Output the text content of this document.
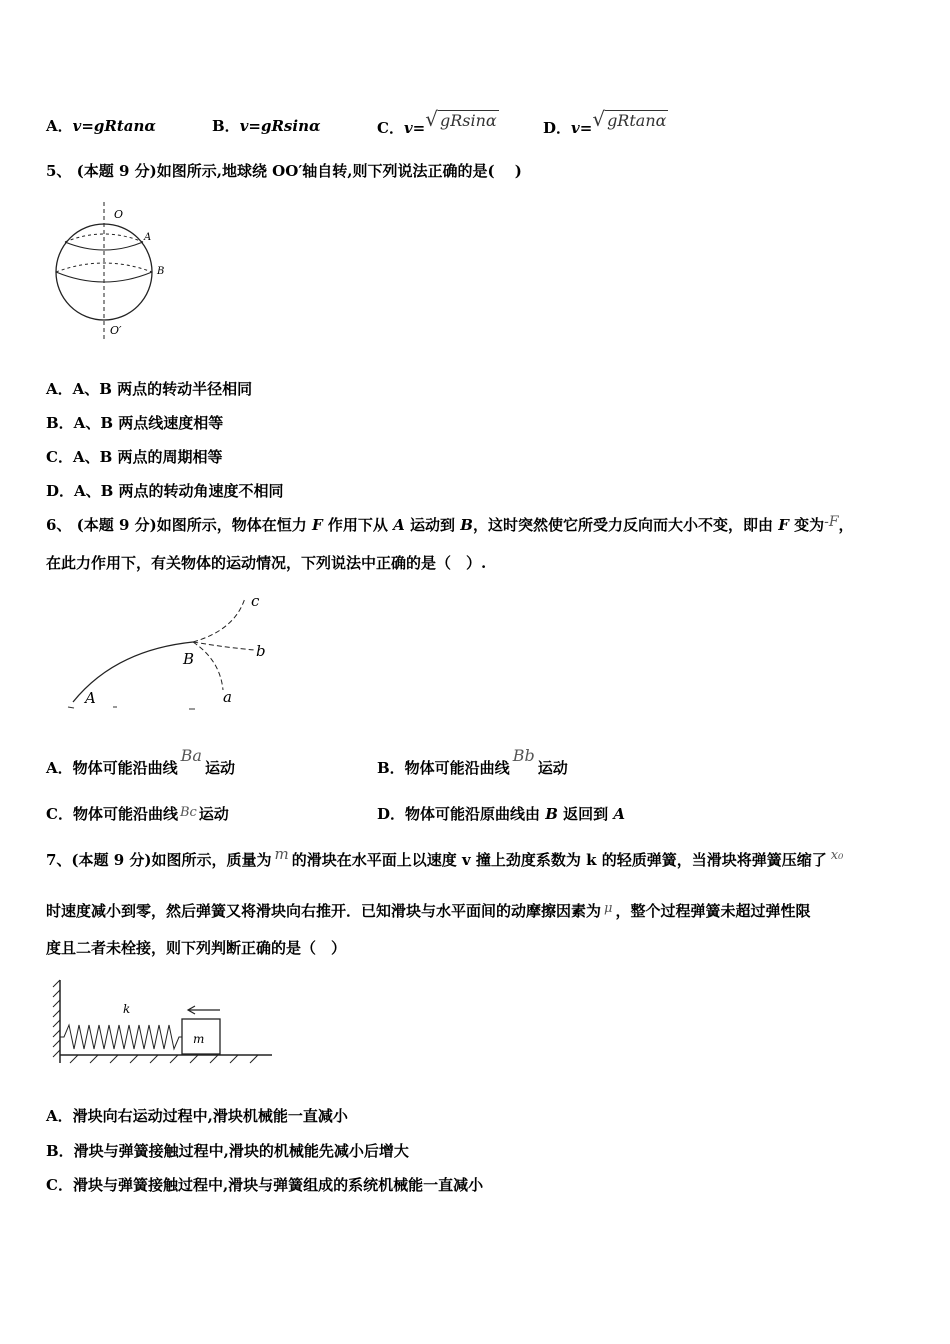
A．v=gRtanα	B．v=gRsinα	C．v=√ gRsinα	D．v=√ gRtanα
5、 (本题 9 分)如图所示,地球绕 OO′轴自转,则下列说法正确的是(　 )
O
A
B
O′
A．A、B 两点的转动半径相同
B．A、B 两点线速度相等
C．A、B 两点的周期相等
D．A、B 两点的转动角速度不相同
6、 (本题 9 分)如图所示，物体在恒力 F 作用下从 A 运动到 B，这时突然使它所受力反向而大小不变，即由 F 变为-F，
在此力作用下，有关物体的运动情况，下列说法中正确的是（　）.
A
B
a
b
c
A．物体可能沿曲线Ba运动	B．物体可能沿曲线Bb运动
C．物体可能沿曲线 Bc 运动	D．物体可能沿原曲线由 B 返回到 A
7、(本题 9 分)如图所示，质量为 m 的滑块在水平面上以速度 v 撞上劲度系数为 k 的轻质弹簧，当滑块将弹簧压缩了 x₀
时速度减小到零，然后弹簧又将滑块向右推开．已知滑块与水平面间的动摩擦因素为 μ ，整个过程弹簧未超过弹性限
度且二者未栓接，则下列判断正确的是（　）
k
m
A．滑块向右运动过程中,滑块机械能一直减小
B．滑块与弹簧接触过程中,滑块的机械能先减小后增大
C．滑块与弹簧接触过程中,滑块与弹簧组成的系统机械能一直减小
